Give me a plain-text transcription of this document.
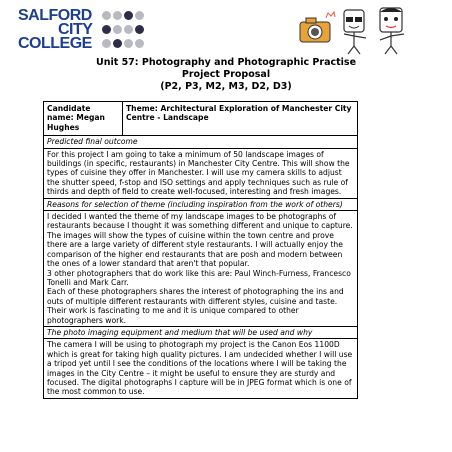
SALFORD
CITY
COLLEGE
Unit 57: Photography and Photographic Practise
Project Proposal
(P2, P3, M2, M3, D2, D3)
Candidate name: Megan Hughes
Theme: Architectural Exploration of Manchester City Centre - Landscape
Predicted final outcome
For this project I am going to take a minimum of 50 landscape images of buildings (in specific, restaurants) in Manchester City Centre. This will show the types of cuisine they offer in Manchester. I will use my camera skills to adjust the shutter speed, f-stop and ISO settings and apply techniques such as rule of thirds and depth of field to create well-focused, interesting and fresh images.
Reasons for selection of theme (including inspiration from the work of others)

I decided I wanted the theme of my landscape images to be photographs of restaurants because I thought it was something different and unique to capture. The images will show the types of cuisine within the town centre and prove there are a large variety of different style restaurants. I will actually enjoy the comparison of the higher end restaurants that are posh and modern between the ones of a lower standard that aren't that popular.

3 other photographers that do work like this are: Paul Winch-Furness, Francesco Tonelli and Mark Carr.

Each of these photographers shares the interest of photographing the ins and outs of multiple different restaurants with different styles, cuisine and taste. Their work is fascinating to me and it is unique compared to other photographers work.

The photo imaging equipment and medium that will be used and why
The camera I will be using to photograph my project is the Canon Eos 1100D which is great for taking high quality pictures. I am undecided whether I will use a tripod yet until I see the conditions of the locations where I will be taking the images in the City Centre – it might be useful to ensure they are sturdy and focused. The digital photographs I capture will be in JPEG format which is one of the most common to use.
